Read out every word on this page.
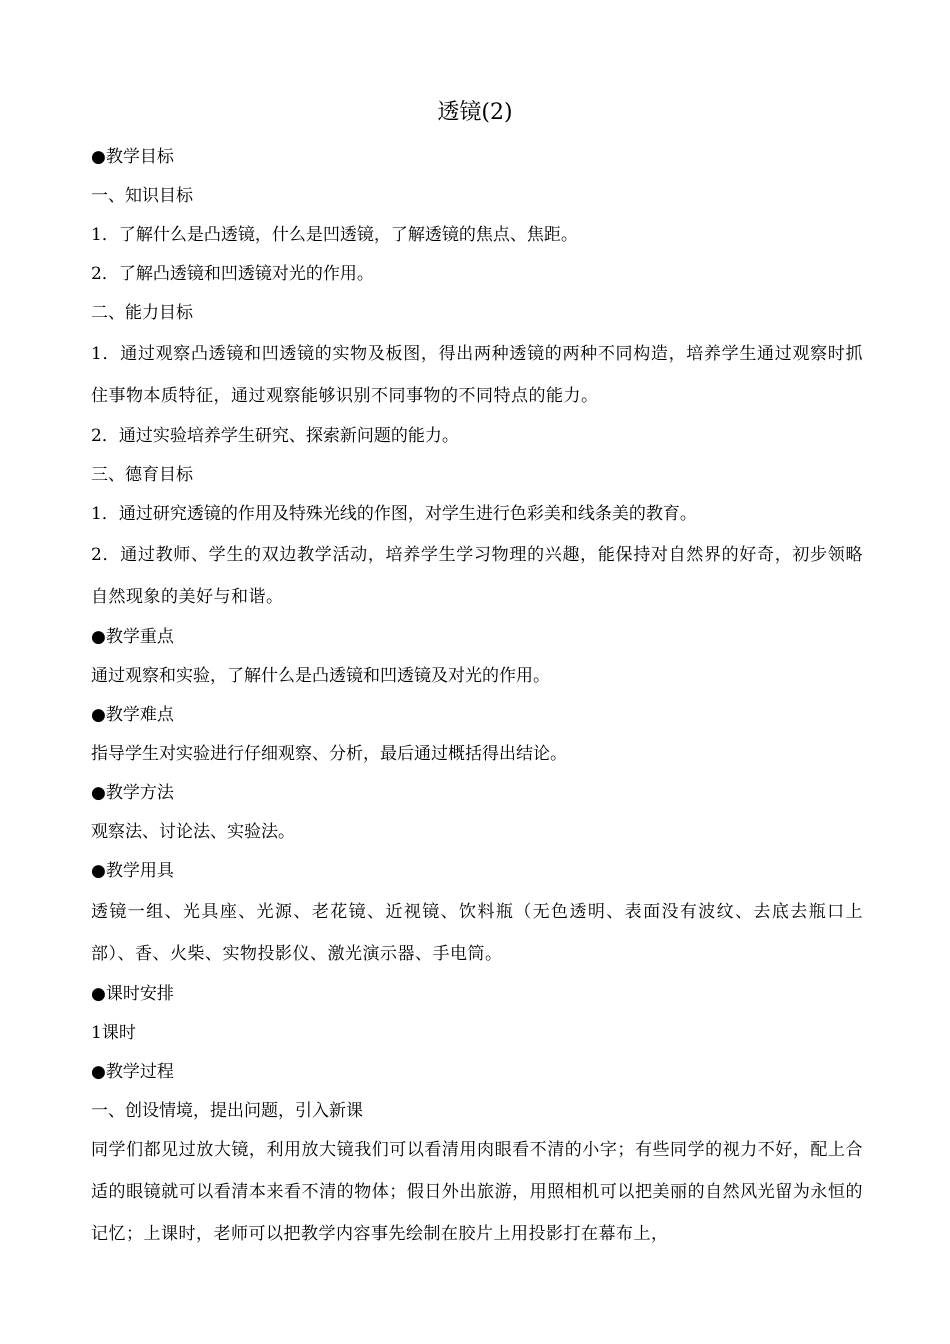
透镜(2)

●教学目标

一、知识目标

1．了解什么是凸透镜，什么是凹透镜，了解透镜的焦点、焦距。

2．了解凸透镜和凹透镜对光的作用。

二、能力目标

1．通过观察凸透镜和凹透镜的实物及板图，得出两种透镜的两种不同构造，培养学生通过观察时抓住事物本质特征，通过观察能够识别不同事物的不同特点的能力。

2．通过实验培养学生研究、探索新问题的能力。

三、德育目标

1．通过研究透镜的作用及特殊光线的作图，对学生进行色彩美和线条美的教育。

2．通过教师、学生的双边教学活动，培养学生学习物理的兴趣，能保持对自然界的好奇，初步领略自然现象的美好与和谐。

●教学重点

通过观察和实验，了解什么是凸透镜和凹透镜及对光的作用。

●教学难点

指导学生对实验进行仔细观察、分析，最后通过概括得出结论。

●教学方法

观察法、讨论法、实验法。

●教学用具

透镜一组、光具座、光源、老花镜、近视镜、饮料瓶（无色透明、表面没有波纹、去底去瓶口上部）、香、火柴、实物投影仪、激光演示器、手电筒。

●课时安排

1课时

●教学过程

一、创设情境，提出问题，引入新课

同学们都见过放大镜，利用放大镜我们可以看清用肉眼看不清的小字；有些同学的视力不好，配上合适的眼镜就可以看清本来看不清的物体；假日外出旅游，用照相机可以把美丽的自然风光留为永恒的记忆；上课时，老师可以把教学内容事先绘制在胶片上用投影打在幕布上，
